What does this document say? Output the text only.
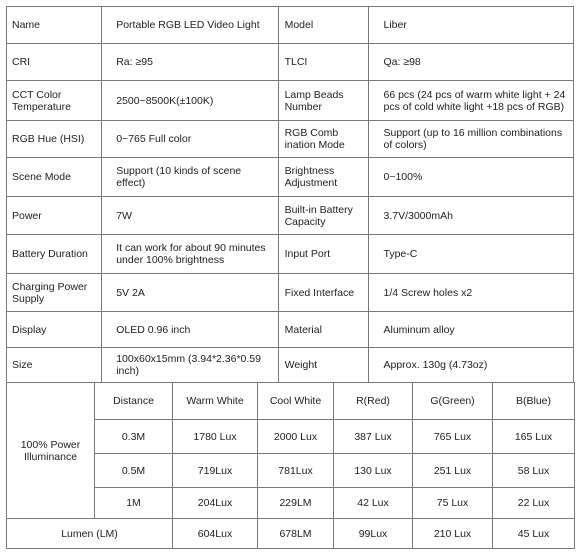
Name	Portable RGB LED Video Light	Model	Liber
CRI	Ra: ≥95	TLCI	Qa: ≥98
CCT Color Temperature	2500~8500K(±100K)	Lamp Beads Number	66 pcs (24 pcs of warm white light + 24 pcs of cold white light +18 pcs of RGB)
RGB Hue (HSI)	0~765 Full color	RGB Comb ination Mode	Support (up to 16 million combinations of colors)
Scene Mode	Support (10 kinds of scene effect)	Brightness Adjustment	0~100%
Power	7W	Built-in Battery Capacity	3.7V/3000mAh
Battery Duration	It can work for about 90 minutes under 100% brightness	Input Port	Type-C
Charging Power Supply	5V 2A	Fixed Interface	1/4 Screw holes x2
Display	OLED 0.96 inch	Material	Aluminum alloy
Size	100x60x15mm (3.94*2.36*0.59 inch)	Weight	Approx. 130g (4.73oz)
100% Power Illuminance	Distance	Warm White	Cool White	R(Red)	G(Green)	B(Blue)
	0.3M	1780 Lux	2000 Lux	387 Lux	765 Lux	165 Lux
	0.5M	719Lux	781Lux	130 Lux	251 Lux	58 Lux
	1M	204Lux	229LM	42 Lux	75 Lux	22 Lux
Lumen (LM)		604Lux	678LM	99Lux	210 Lux	45 Lux
